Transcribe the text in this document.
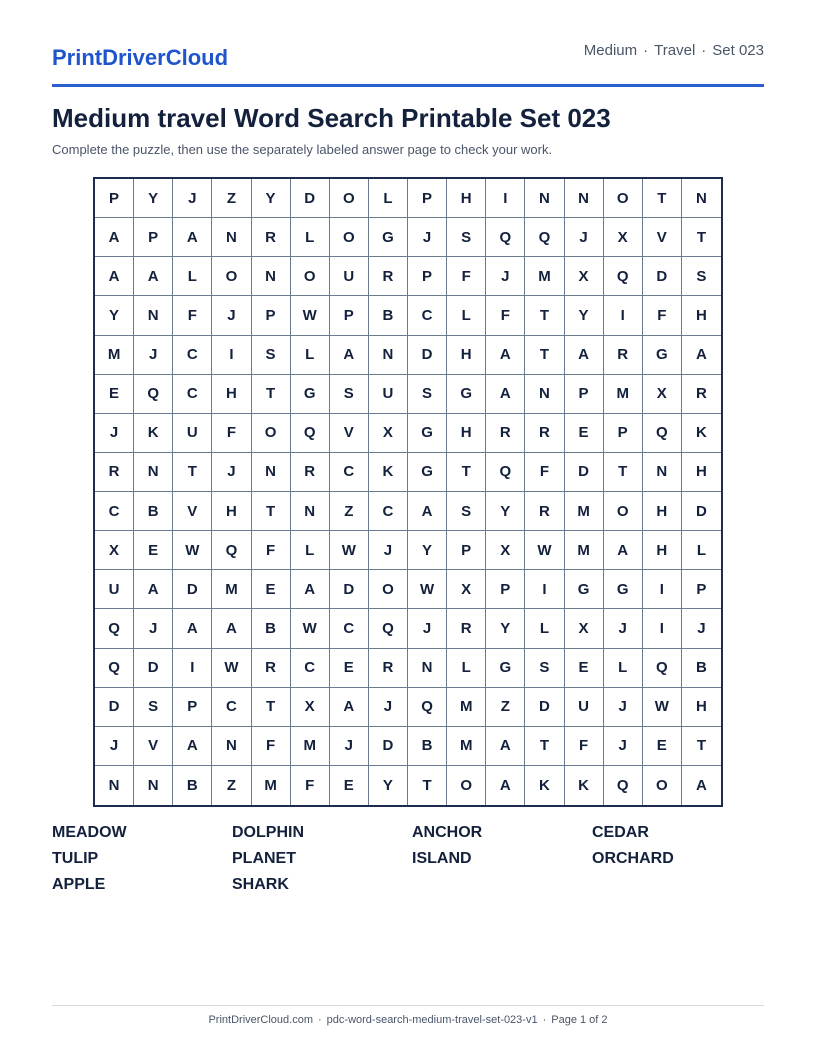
PrintDriverCloud	Medium · Travel · Set 023
Medium travel Word Search Printable Set 023

Complete the puzzle, then use the separately labeled answer page to check your work.

P	Y	J	Z	Y	D	O	L	P	H	I	N	N	O	T	N
A	P	A	N	R	L	O	G	J	S	Q	Q	J	X	V	T
A	A	L	O	N	O	U	R	P	F	J	M	X	Q	D	S
Y	N	F	J	P	W	P	B	C	L	F	T	Y	I	F	H
M	J	C	I	S	L	A	N	D	H	A	T	A	R	G	A
E	Q	C	H	T	G	S	U	S	G	A	N	P	M	X	R
J	K	U	F	O	Q	V	X	G	H	R	R	E	P	Q	K
R	N	T	J	N	R	C	K	G	T	Q	F	D	T	N	H
C	B	V	H	T	N	Z	C	A	S	Y	R	M	O	H	D
X	E	W	Q	F	L	W	J	Y	P	X	W	M	A	H	L
U	A	D	M	E	A	D	O	W	X	P	I	G	G	I	P
Q	J	A	A	B	W	C	Q	J	R	Y	L	X	J	I	J
Q	D	I	W	R	C	E	R	N	L	G	S	E	L	Q	B
D	S	P	C	T	X	A	J	Q	M	Z	D	U	J	W	H
J	V	A	N	F	M	J	D	B	M	A	T	F	J	E	T
N	N	B	Z	M	F	E	Y	T	O	A	K	K	Q	O	A
MEADOW	DOLPHIN	ANCHOR	CEDAR
TULIP	PLANET	ISLAND	ORCHARD
APPLE	SHARK
PrintDriverCloud.com · pdc-word-search-medium-travel-set-023-v1 · Page 1 of 2
